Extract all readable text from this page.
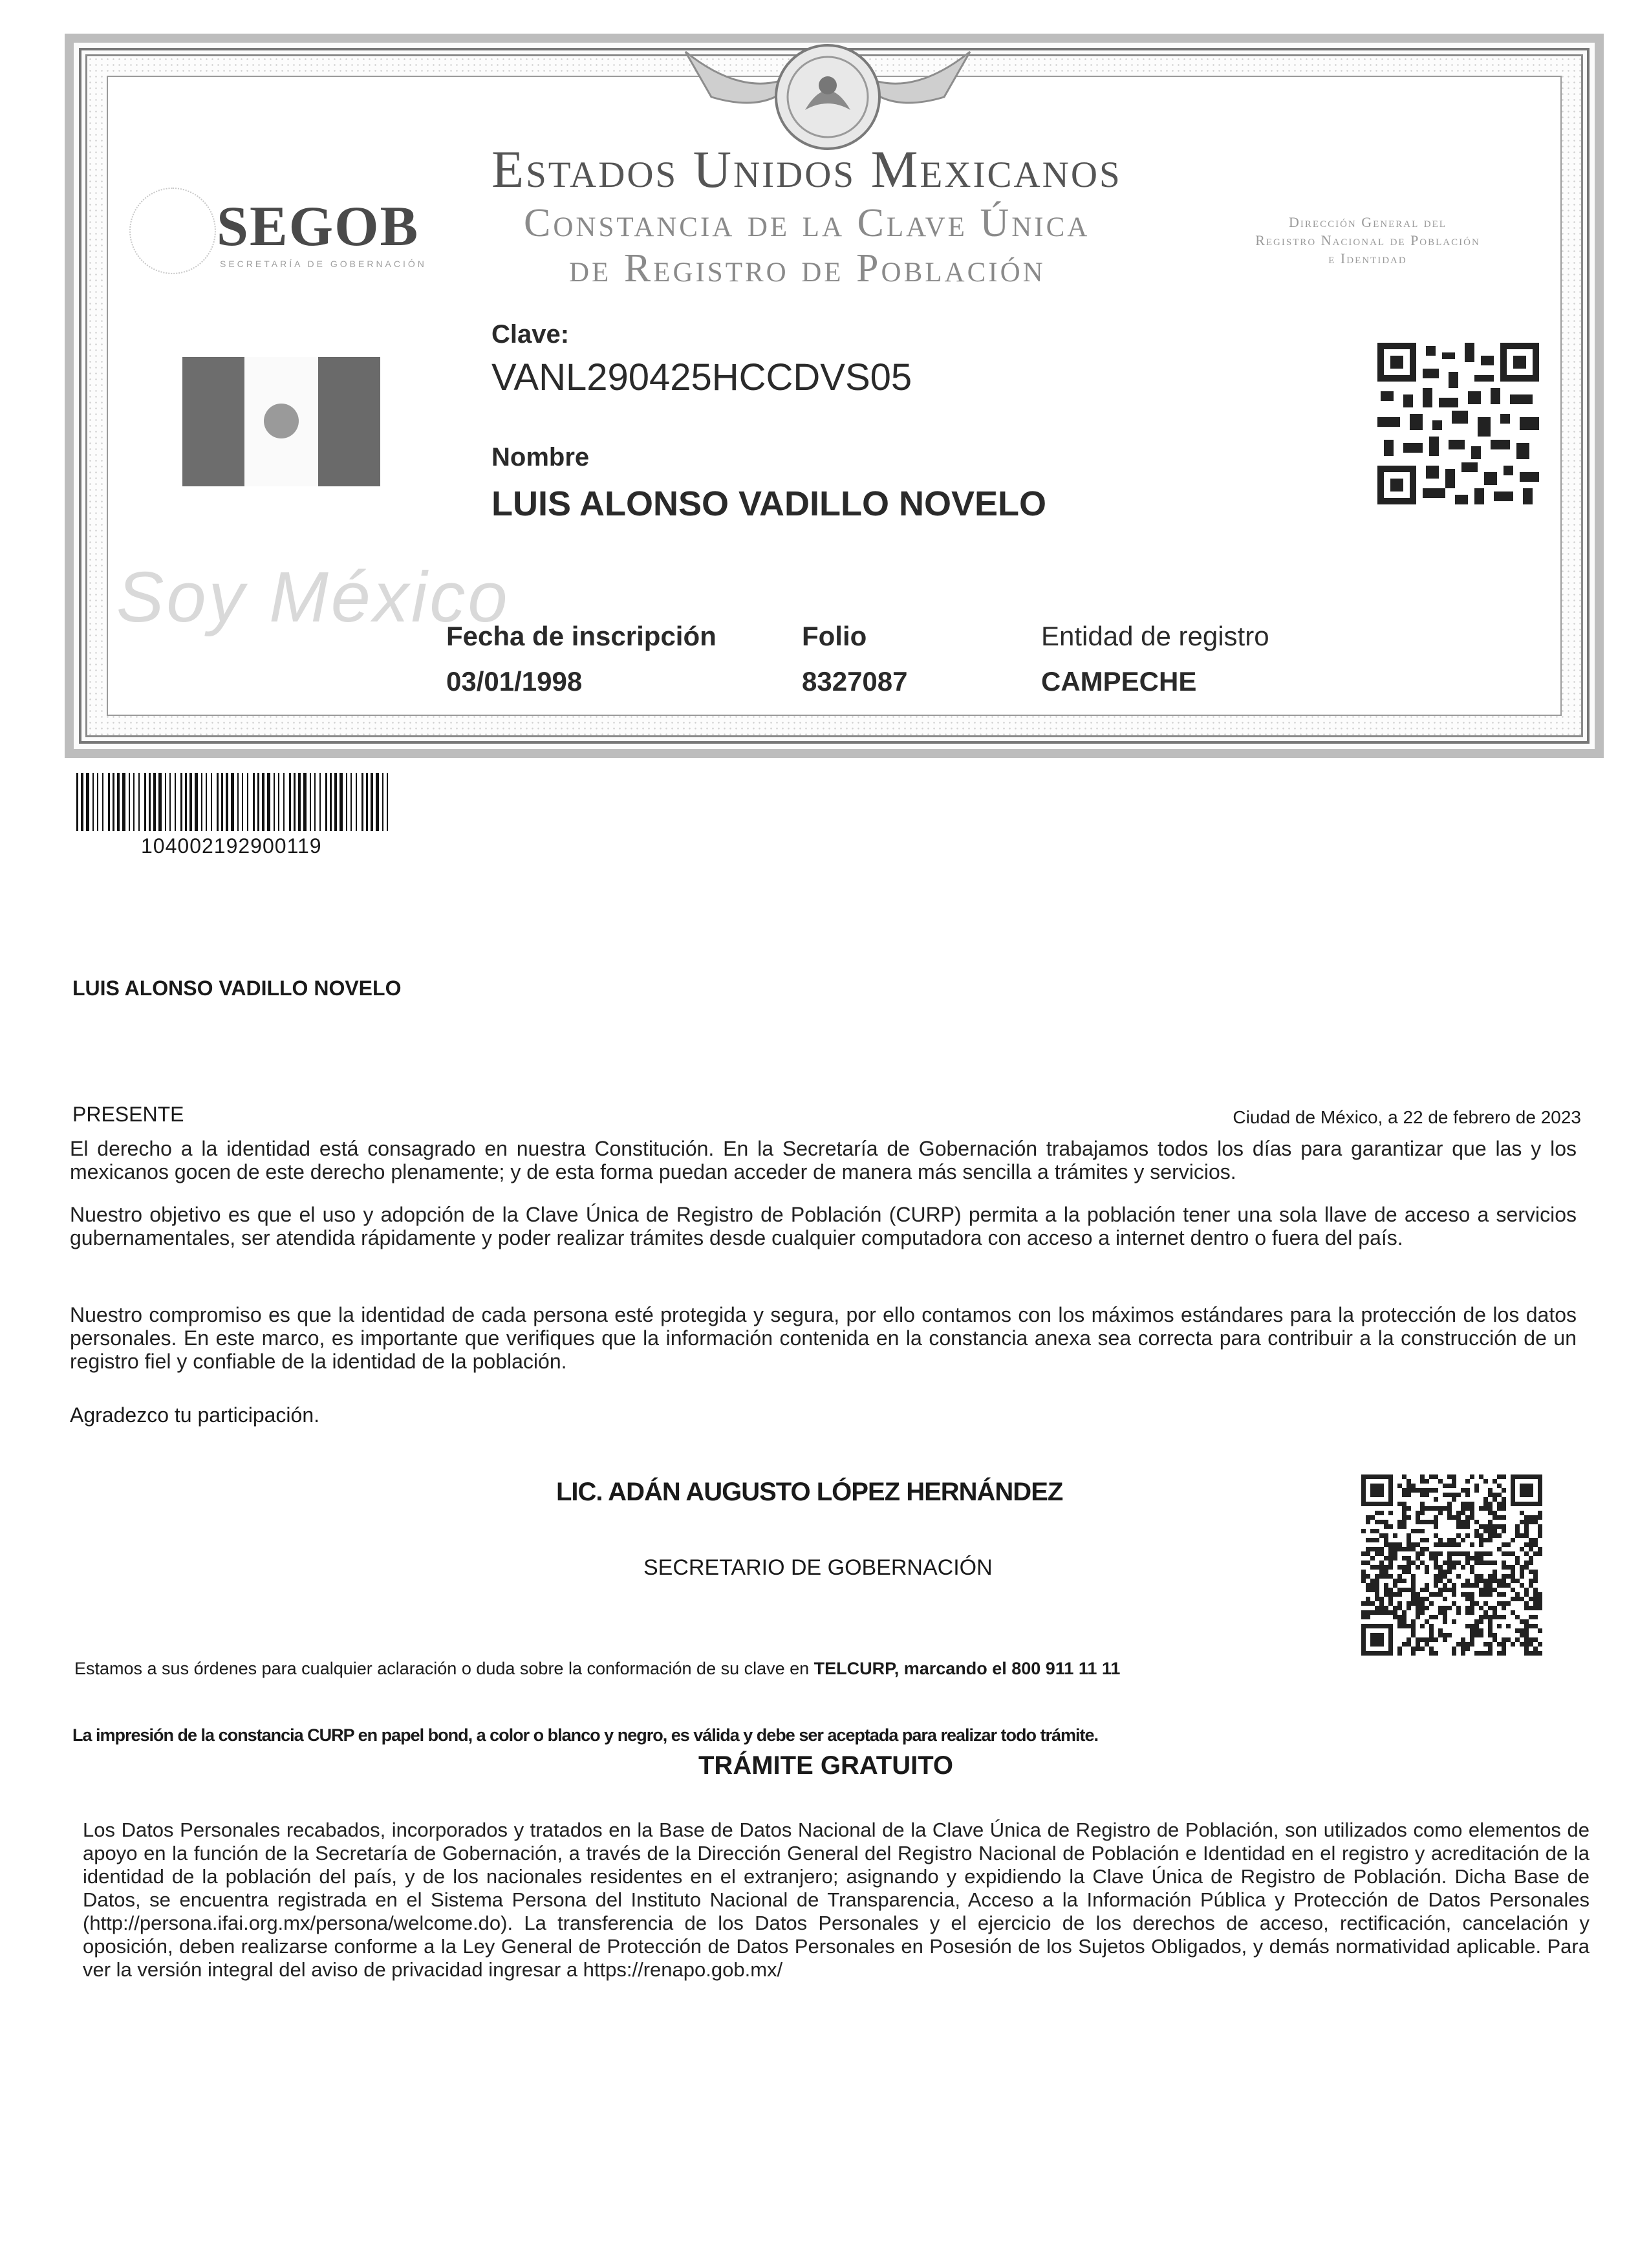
SEGOB
SECRETARÍA DE GOBERNACIÓN
Estados Unidos Mexicanos
Constancia de la Clave Única
de Registro de Población
Dirección General del
Registro Nacional de Población
e Identidad
Clave:
VANL290425HCCDVS05
Nombre
LUIS ALONSO VADILLO NOVELO
Soy México
Fecha de inscripción
03/01/1998
Folio
8327087
Entidad de registro
CAMPECHE
104002192900119
LUIS ALONSO VADILLO NOVELO
PRESENTE	Ciudad de México, a 22 de febrero de 2023
El derecho a la identidad está consagrado en nuestra Constitución. En la Secretaría de Gobernación trabajamos todos los días para garantizar que las y los mexicanos gocen de este derecho plenamente; y de esta forma puedan acceder de manera más sencilla a trámites y servicios.
Nuestro objetivo es que el uso y adopción de la Clave Única de Registro de Población (CURP) permita a la población tener una sola llave de acceso a servicios gubernamentales, ser atendida rápidamente y poder realizar trámites desde cualquier computadora con acceso a internet dentro o fuera del país.
Nuestro compromiso es que la identidad de cada persona esté protegida y segura, por ello contamos con los máximos estándares para la protección de los datos personales. En este marco, es importante que verifiques que la información contenida en la constancia anexa sea correcta para contribuir a la construcción de un registro fiel y confiable de la identidad de la población.
Agradezco tu participación.
LIC. ADÁN AUGUSTO LÓPEZ HERNÁNDEZ
SECRETARIO DE GOBERNACIÓN
Estamos a sus órdenes para cualquier aclaración o duda sobre la conformación de su clave en TELCURP, marcando el 800 911 11 11
La impresión de la constancia CURP en papel bond, a color o blanco y negro, es válida y debe ser aceptada para realizar todo trámite.
TRÁMITE GRATUITO
Los Datos Personales recabados, incorporados y tratados en la Base de Datos Nacional de la Clave Única de Registro de Población, son utilizados como elementos de apoyo en la función de la Secretaría de Gobernación, a través de la Dirección General del Registro Nacional de Población e Identidad en el registro y acreditación de la identidad de la población del país, y de los nacionales residentes en el extranjero; asignando y expidiendo la Clave Única de Registro de Población. Dicha Base de Datos, se encuentra registrada en el Sistema Persona del Instituto Nacional de Transparencia, Acceso a la Información Pública y Protección de Datos Personales (http://persona.ifai.org.mx/persona/welcome.do). La transferencia de los Datos Personales y el ejercicio de los derechos de acceso, rectificación, cancelación y oposición, deben realizarse conforme a la Ley General de Protección de Datos Personales en Posesión de los Sujetos Obligados, y demás normatividad aplicable. Para ver la versión integral del aviso de privacidad ingresar a https://renapo.gob.mx/
